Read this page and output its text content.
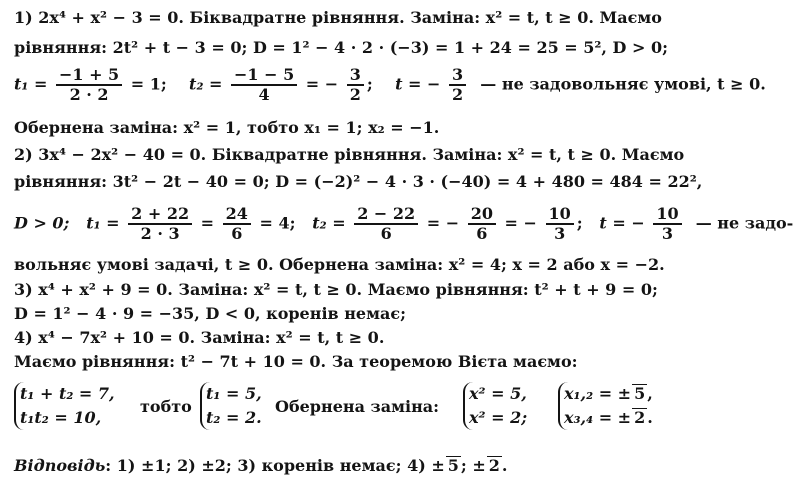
1) 2x⁴ + x² − 3 = 0. Біквадратне рівняння. Заміна: x² = t, t ≥ 0. Маємо
рівняння: 2t² + t − 3 = 0; D = 1² − 4 · 2 · (−3) = 1 + 24 = 25 = 5², D > 0;
$t_1 = \frac{-1 + 5}{2 \cdot 2} = 1$; $t_2 = \frac{-1 - 5}{4}$ = − $\frac{3}{2}$ ; t = − $\frac{3}{2}$ — не задовольняє умові, t ≥ 0.
Обернена заміна: x² = 1, тобто x₁ = 1; x₂ = −1.
2) 3x⁴ − 2x² − 40 = 0. Біквадратне рівняння. Заміна: x² = t, t ≥ 0. Маємо
рівняння: 3t² − 2t − 40 = 0; D = (−2)² − 4 · 3 · (−40) = 4 + 480 = 484 = 22²,
D > 0; $t_1 = \frac{2 + 22}{2 \cdot 3} = \frac{24}{6} = 4$; $t_2 = \frac{2 - 22}{6}$ = − $\frac{20}{6}$ = − $\frac{10}{3}$ ; t = − $\frac{10}{3}$ — не задо-
вольняє умові задачі, t ≥ 0. Обернена заміна: x² = 4; x = 2 або x = −2.
3) x⁴ + x² + 9 = 0. Заміна: x² = t, t ≥ 0. Маємо рівняння: t² + t + 9 = 0;
D = 1² − 4 · 9 = −35, D < 0, коренів немає;
4) x⁴ − 7x² + 10 = 0. Заміна: x² = t, t ≥ 0.
Маємо рівняння: t² − 7t + 10 = 0. За теоремою Вієта маємо:
t₁ + t₂ = 7,
t₁t₂ = 10,
тобто
t₁ = 5,
t₂ = 2.
Обернена заміна:
x² = 5,
x² = 2;
x₁,₂ = ± 5 ,
x₃,₄ = ± 2 .
Відповідь: 1) ±1; 2) ±2; 3) коренів немає; 4) ± 5 ; ± 2 .
